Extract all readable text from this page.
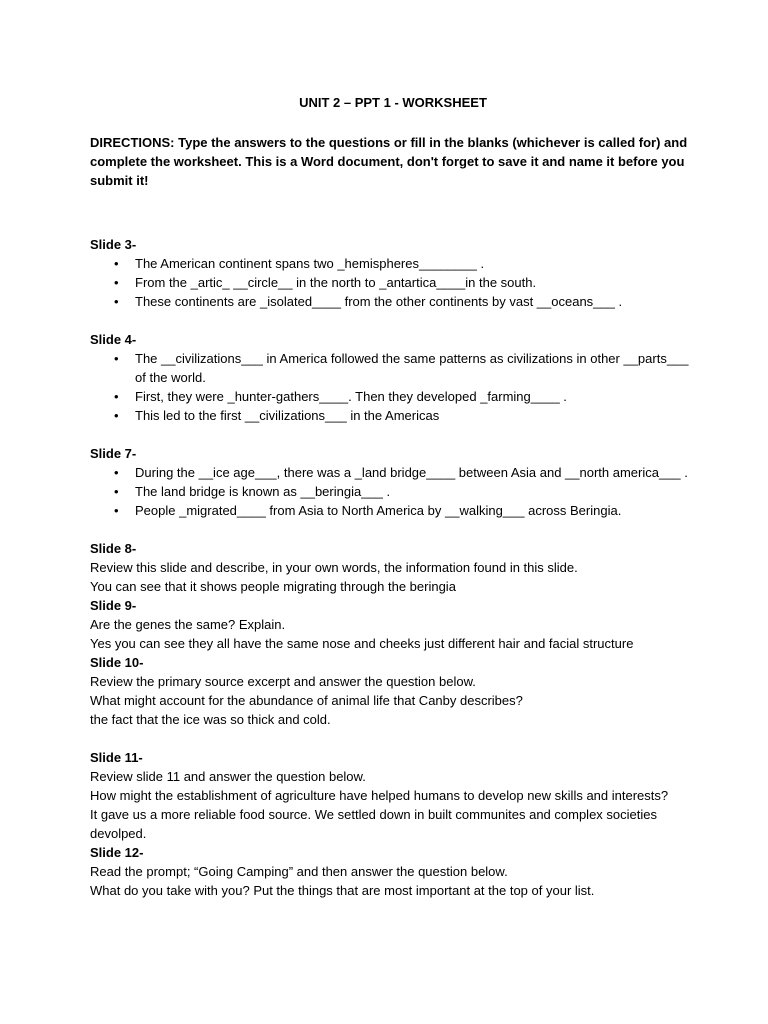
UNIT 2 – PPT 1 - WORKSHEET
DIRECTIONS: Type the answers to the questions or fill in the blanks (whichever is called for) and complete the worksheet. This is a Word document, don't forget to save it and name it before you submit it!
Slide 3-
• The American continent spans two _hemispheres________ .
• From the _artic_ __circle__ in the north to _antartica____in the south.
• These continents are _isolated____ from the other continents by vast __oceans___ .
Slide 4-
• The __civilizations___ in America followed the same patterns as civilizations in other __parts___ of the world.
• First, they were _hunter-gathers____. Then they developed _farming____ .
• This led to the first __civilizations___ in the Americas
Slide 7-
• During the __ice age___, there was a _land bridge____ between Asia and __north america___ .
• The land bridge is known as __beringia___ .
• People _migrated____ from Asia to North America by __walking___ across Beringia.
Slide 8-
Review this slide and describe, in your own words, the information found in this slide.
You can see that it shows people migrating through the beringia
Slide 9-
Are the genes the same? Explain.
Yes you can see they all have the same nose and cheeks just different hair and facial structure
Slide 10-
Review the primary source excerpt and answer the question below.
What might account for the abundance of animal life that Canby describes?
the fact that the ice was so thick and cold.
Slide 11-
Review slide 11 and answer the question below.
How might the establishment of agriculture have helped humans to develop new skills and interests?
It gave us a more reliable food source. We settled down in built communites and complex societies devolped.
Slide 12-
Read the prompt; “Going Camping” and then answer the question below.
What do you take with you? Put the things that are most important at the top of your list.
